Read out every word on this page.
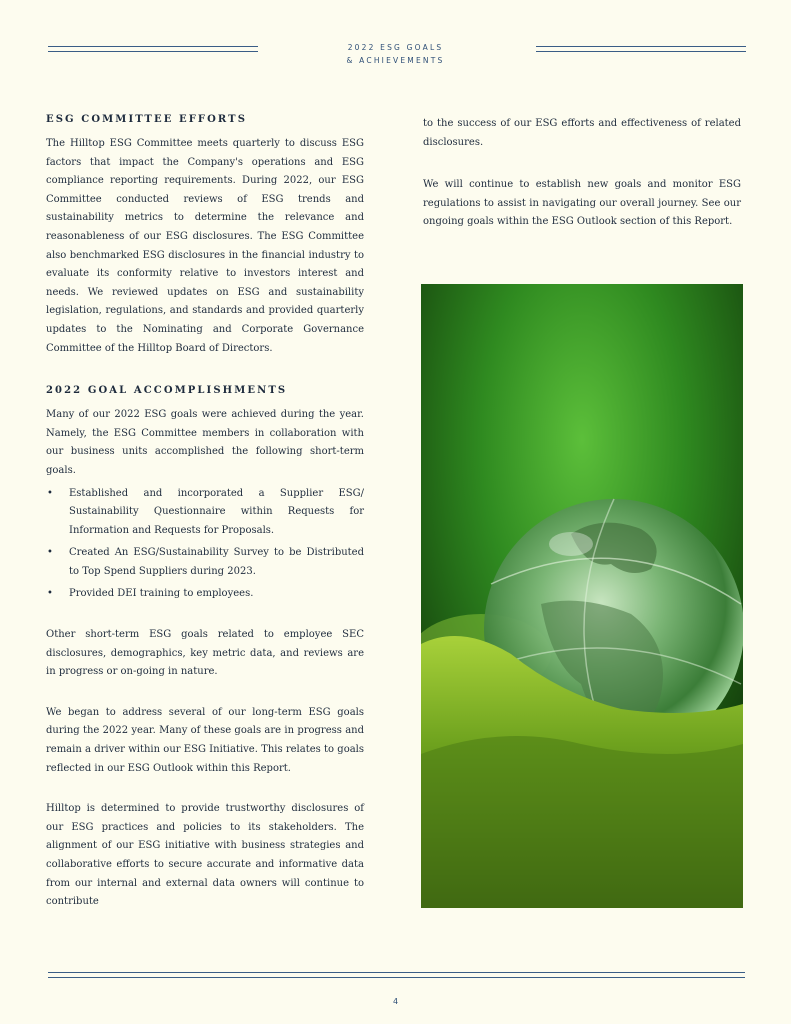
2022 ESG GOALS
& ACHIEVEMENTS
ESG COMMITTEE EFFORTS

The Hilltop ESG Committee meets quarterly to discuss ESG factors that impact the Company's operations and ESG compliance reporting requirements. During 2022, our ESG Committee conducted reviews of ESG trends and sustainability metrics to determine the relevance and reasonableness of our ESG disclosures. The ESG Committee also benchmarked ESG disclosures in the financial industry to evaluate its conformity relative to investors interest and needs. We reviewed updates on ESG and sustainability legislation, regulations, and standards and provided quarterly updates to the Nominating and Corporate Governance Committee of the Hilltop Board of Directors.

2022 GOAL ACCOMPLISHMENTS

Many of our 2022 ESG goals were achieved during the year. Namely, the ESG Committee members in collaboration with our business units accomplished the following short-term goals.

• Established and incorporated a Supplier ESG/ Sustainability Questionnaire within Requests for Information and Requests for Proposals.
• Created An ESG/Sustainability Survey to be Distributed to Top Spend Suppliers during 2023.
• Provided DEI training to employees.

Other short-term ESG goals related to employee SEC disclosures, demographics, key metric data, and reviews are in progress or on-going in nature.

We began to address several of our long-term ESG goals during the 2022 year. Many of these goals are in progress and remain a driver within our ESG Initiative. This relates to goals reflected in our ESG Outlook within this Report.

Hilltop is determined to provide trustworthy disclosures of our ESG practices and policies to its stakeholders. The alignment of our ESG initiative with business strategies and collaborative efforts to secure accurate and informative data from our internal and external data owners will continue to contribute

to the success of our ESG efforts and effectiveness of related disclosures.

We will continue to establish new goals and monitor ESG regulations to assist in navigating our overall journey. See our ongoing goals within the ESG Outlook section of this Report.

4
